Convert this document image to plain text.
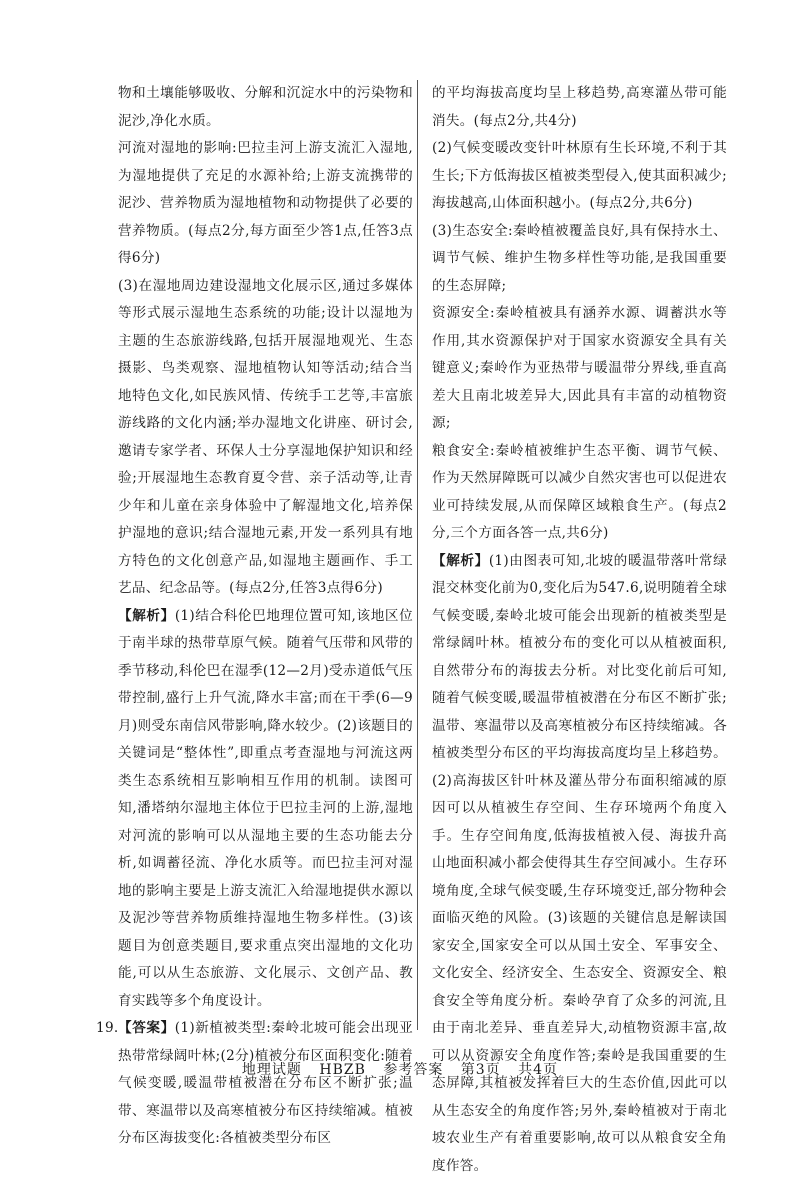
物和土壤能够吸收、分解和沉淀水中的污染物和泥沙,净化水质。

河流对湿地的影响:巴拉圭河上游支流汇入湿地,为湿地提供了充足的水源补给;上游支流携带的泥沙、营养物质为湿地植物和动物提供了必要的营养物质。(每点2分,每方面至少答1点,任答3点得6分)

(3)在湿地周边建设湿地文化展示区,通过多媒体等形式展示湿地生态系统的功能;设计以湿地为主题的生态旅游线路,包括开展湿地观光、生态摄影、鸟类观察、湿地植物认知等活动;结合当地特色文化,如民族风情、传统手工艺等,丰富旅游线路的文化内涵;举办湿地文化讲座、研讨会,邀请专家学者、环保人士分享湿地保护知识和经验;开展湿地生态教育夏令营、亲子活动等,让青少年和儿童在亲身体验中了解湿地文化,培养保护湿地的意识;结合湿地元素,开发一系列具有地方特色的文化创意产品,如湿地主题画作、手工艺品、纪念品等。(每点2分,任答3点得6分)

【解析】(1)结合科伦巴地理位置可知,该地区位于南半球的热带草原气候。随着气压带和风带的季节移动,科伦巴在湿季(12—2月)受赤道低气压带控制,盛行上升气流,降水丰富;而在干季(6—9月)则受东南信风带影响,降水较少。(2)该题目的关键词是“整体性”,即重点考查湿地与河流这两类生态系统相互影响相互作用的机制。读图可知,潘塔纳尔湿地主体位于巴拉圭河的上游,湿地对河流的影响可以从湿地主要的生态功能去分析,如调蓄径流、净化水质等。而巴拉圭河对湿地的影响主要是上游支流汇入给湿地提供水源以及泥沙等营养物质维持湿地生物多样性。(3)该题目为创意类题目,要求重点突出湿地的文化功能,可以从生态旅游、文化展示、文创产品、教育实践等多个角度设计。

19. 【答案】(1)新植被类型:秦岭北坡可能会出现亚热带常绿阔叶林;(2分)植被分布区面积变化:随着气候变暖,暖温带植被潜在分布区不断扩张;温带、寒温带以及高寒植被分布区持续缩减。植被分布区海拔变化:各植被类型分布区

的平均海拔高度均呈上移趋势,高寒灌丛带可能消失。(每点2分,共4分)

(2)气候变暖改变针叶林原有生长环境,不利于其生长;下方低海拔区植被类型侵入,使其面积减少;海拔越高,山体面积越小。(每点2分,共6分)

(3)生态安全:秦岭植被覆盖良好,具有保持水土、调节气候、维护生物多样性等功能,是我国重要的生态屏障;

资源安全:秦岭植被具有涵养水源、调蓄洪水等作用,其水资源保护对于国家水资源安全具有关键意义;秦岭作为亚热带与暖温带分界线,垂直高差大且南北坡差异大,因此具有丰富的动植物资源;

粮食安全:秦岭植被维护生态平衡、调节气候、作为天然屏障既可以减少自然灾害也可以促进农业可持续发展,从而保障区域粮食生产。(每点2分,三个方面各答一点,共6分)

【解析】(1)由图表可知,北坡的暖温带落叶常绿混交林变化前为0,变化后为547.6,说明随着全球气候变暖,秦岭北坡可能会出现新的植被类型是常绿阔叶林。植被分布的变化可以从植被面积,自然带分布的海拔去分析。对比变化前后可知,随着气候变暖,暖温带植被潜在分布区不断扩张;温带、寒温带以及高寒植被分布区持续缩减。各植被类型分布区的平均海拔高度均呈上移趋势。(2)高海拔区针叶林及灌丛带分布面积缩减的原因可以从植被生存空间、生存环境两个角度入手。生存空间角度,低海拔植被入侵、海拔升高山地面积减小都会使得其生存空间减小。生存环境角度,全球气候变暖,生存环境变迁,部分物种会面临灭绝的风险。(3)该题的关键信息是解读国家安全,国家安全可以从国土安全、军事安全、文化安全、经济安全、生态安全、资源安全、粮食安全等角度分析。秦岭孕育了众多的河流,且由于南北差异、垂直差异大,动植物资源丰富,故可以从资源安全角度作答;秦岭是我国重要的生态屏障,其植被发挥着巨大的生态价值,因此可以从生态安全的角度作答;另外,秦岭植被对于南北坡农业生产有着重要影响,故可以从粮食安全角度作答。

地理试题 HBZB 参考答案 第3页 共4页
